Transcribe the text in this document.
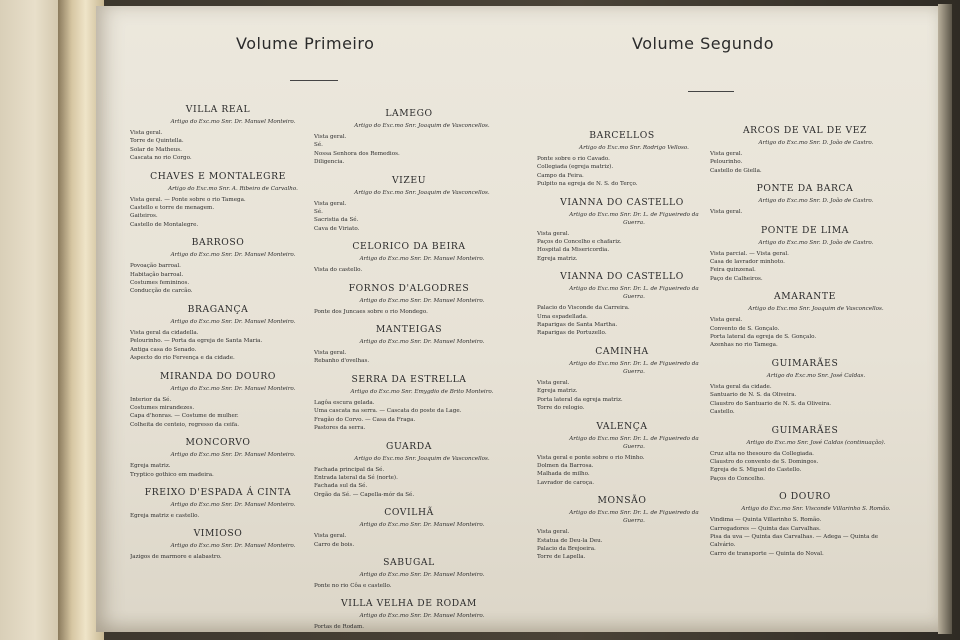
Volume Primeiro	Volume Segundo
VILLA REAL
Artigo do Exc.mo Snr. Dr. Manuel Monteiro.
Vista geral.
Torre de Quintella.
Solar de Matheus.
Cascata no rio Corgo.
CHAVES E MONTALEGRE
Artigo do Exc.mo Snr. A. Ribeiro de Carvalho.
Vista geral. — Ponte sobre o rio Tamega.
Castello e torre de menagem.
Gaiteiros.
Castello de Montalegre.
BARROSO
Artigo do Exc.mo Snr. Dr. Manuel Monteiro.
Povoação barroal.
Habitação barroal.
Costumes femininos.
Conducção de carcão.
BRAGANÇA
Artigo do Exc.mo Snr. Dr. Manuel Monteiro.
Vista geral da cidadella.
Pelourinho. — Porta da egreja de Santa Maria.
Antiga casa do Senado.
Aspecto do rio Fervença e da cidade.
MIRANDA DO DOURO
Artigo do Exc.mo Snr. Dr. Manuel Monteiro.
Interior da Sé.
Costumes mirandezes.
Capa d'honras. — Costume de mulher.
Colheita de centeio, regresso da ceifa.
MONCORVO
Artigo do Exc.mo Snr. Dr. Manuel Monteiro.
Egreja matriz.
Tryptico gothico em madeira.
FREIXO D'ESPADA Á CINTA
Artigo do Exc.mo Snr. Dr. Manuel Monteiro.
Egreja matriz e castello.
VIMIOSO
Artigo do Exc.mo Snr. Dr. Manuel Monteiro.
Jazigos de marmore e alabastro.
LAMEGO
Artigo do Exc.mo Snr. Joaquim de Vasconcellos.
Vista geral.
Sé.
Nossa Senhora dos Remedios.
Diligencia.
VIZEU
Artigo do Exc.mo Snr. Joaquim de Vasconcellos.
Vista geral.
Sé.
Sacristia da Sé.
Cava de Viriato.
CELORICO DA BEIRA
Artigo do Exc.mo Snr. Dr. Manuel Monteiro.
Vista do castello.
FORNOS D'ALGODRES
Artigo do Exc.mo Snr. Dr. Manuel Monteiro.
Ponte dos Juncaes sobre o rio Mondego.
MANTEIGAS
Artigo do Exc.mo Snr. Dr. Manuel Monteiro.
Vista geral.
Rebanho d'ovelhas.
SERRA DA ESTRELLA
Artigo do Exc.mo Snr. Emygdio de Brito Monteiro.
Lagôa escura gelada.
Uma cascata na serra. — Cascata do poste da Lage.
Fragão do Corvo. — Casa da Fraga.
Pastores da serra.
GUARDA
Artigo do Exc.mo Snr. Joaquim de Vasconcellos.
Fachada principal da Sé.
Entrada lateral da Sé (norte).
Fachada sul da Sé.
Orgão da Sé. — Capella-mór da Sé.
COVILHÃ
Artigo do Exc.mo Snr. Dr. Manuel Monteiro.
Vista geral.
Carro de bois.
SABUGAL
Artigo do Exc.mo Snr. Dr. Manuel Monteiro.
Ponte no rio Côa e castello.
VILLA VELHA DE RODAM
Artigo do Exc.mo Snr. Dr. Manuel Monteiro.
Portas de Rodam.
BARCELLOS
Artigo do Exc.mo Snr. Rodrigo Velloso.
Ponte sobre o rio Cavado.
Collegiada (egreja matriz).
Campo da Feira.
Pulpito na egreja de N. S. do Terço.
VIANNA DO CASTELLO
Artigo do Exc.mo Snr. Dr. L. de Figueiredo da Guerra.
Vista geral.
Paços do Concelho e chafariz.
Hospital da Misericordia.
Egreja matriz.
VIANNA DO CASTELLO
Artigo do Exc.mo Snr. Dr. L. de Figueiredo da Guerra.
Palacio do Visconde da Carreira.
Uma espadellada.
Raparigas de Santa Martha.
Raparigas de Portuzello.
CAMINHA
Artigo do Exc.mo Snr. Dr. L. de Figueiredo da Guerra.
Vista geral.
Egreja matriz.
Porta lateral da egreja matriz.
Torre do relogio.
VALENÇA
Artigo do Exc.mo Snr. Dr. L. de Figueiredo da Guerra.
Vista geral e ponte sobre o rio Minho.
Dolmen da Barrosa.
Malhada de milho.
Lavrador de caroça.
MONSÃO
Artigo do Exc.mo Snr. Dr. L. de Figueiredo da Guerra.
Vista geral.
Estatua de Deu-la Deu.
Palacio da Brejoeira.
Torre de Lapella.
ARCOS DE VAL DE VEZ
Artigo do Exc.mo Snr. D. João de Castro.
Vista geral.
Pelourinho.
Castello de Giella.
PONTE DA BARCA
Artigo do Exc.mo Snr. D. João de Castro.
Vista geral.
PONTE DE LIMA
Artigo do Exc.mo Snr. D. João de Castro.
Vista parcial. — Vista geral.
Casa de lavrador minhoto.
Feira quinzenal.
Paço de Calheiros.
AMARANTE
Artigo do Exc.mo Snr. Joaquim de Vasconcellos.
Vista geral.
Convento de S. Gonçalo.
Porta lateral da egreja de S. Gonçalo.
Azenhas no rio Tamega.
GUIMARÃES
Artigo do Exc.mo Snr. José Caldas.
Vista geral da cidade.
Santuario de N. S. da Oliveira.
Claustro do Santuario de N. S. da Oliveira.
Castello.
GUIMARÃES
Artigo do Exc.mo Snr. José Caldas (continuação).
Cruz alta no thesouro da Collegiada.
Claustro do convento de S. Domingos.
Egreja de S. Miguel do Castello.
Paços do Concelho.
O DOURO
Artigo do Exc.mo Snr. Visconde Villarinho S. Romão.
Vindima — Quinta Villarinho S. Romão.
Carregadores — Quinta das Carvalhas.
Pisa da uva — Quinta das Carvalhas. — Adega — Quinta de
Calvário.
Carro de transporte — Quinta do Noval.
